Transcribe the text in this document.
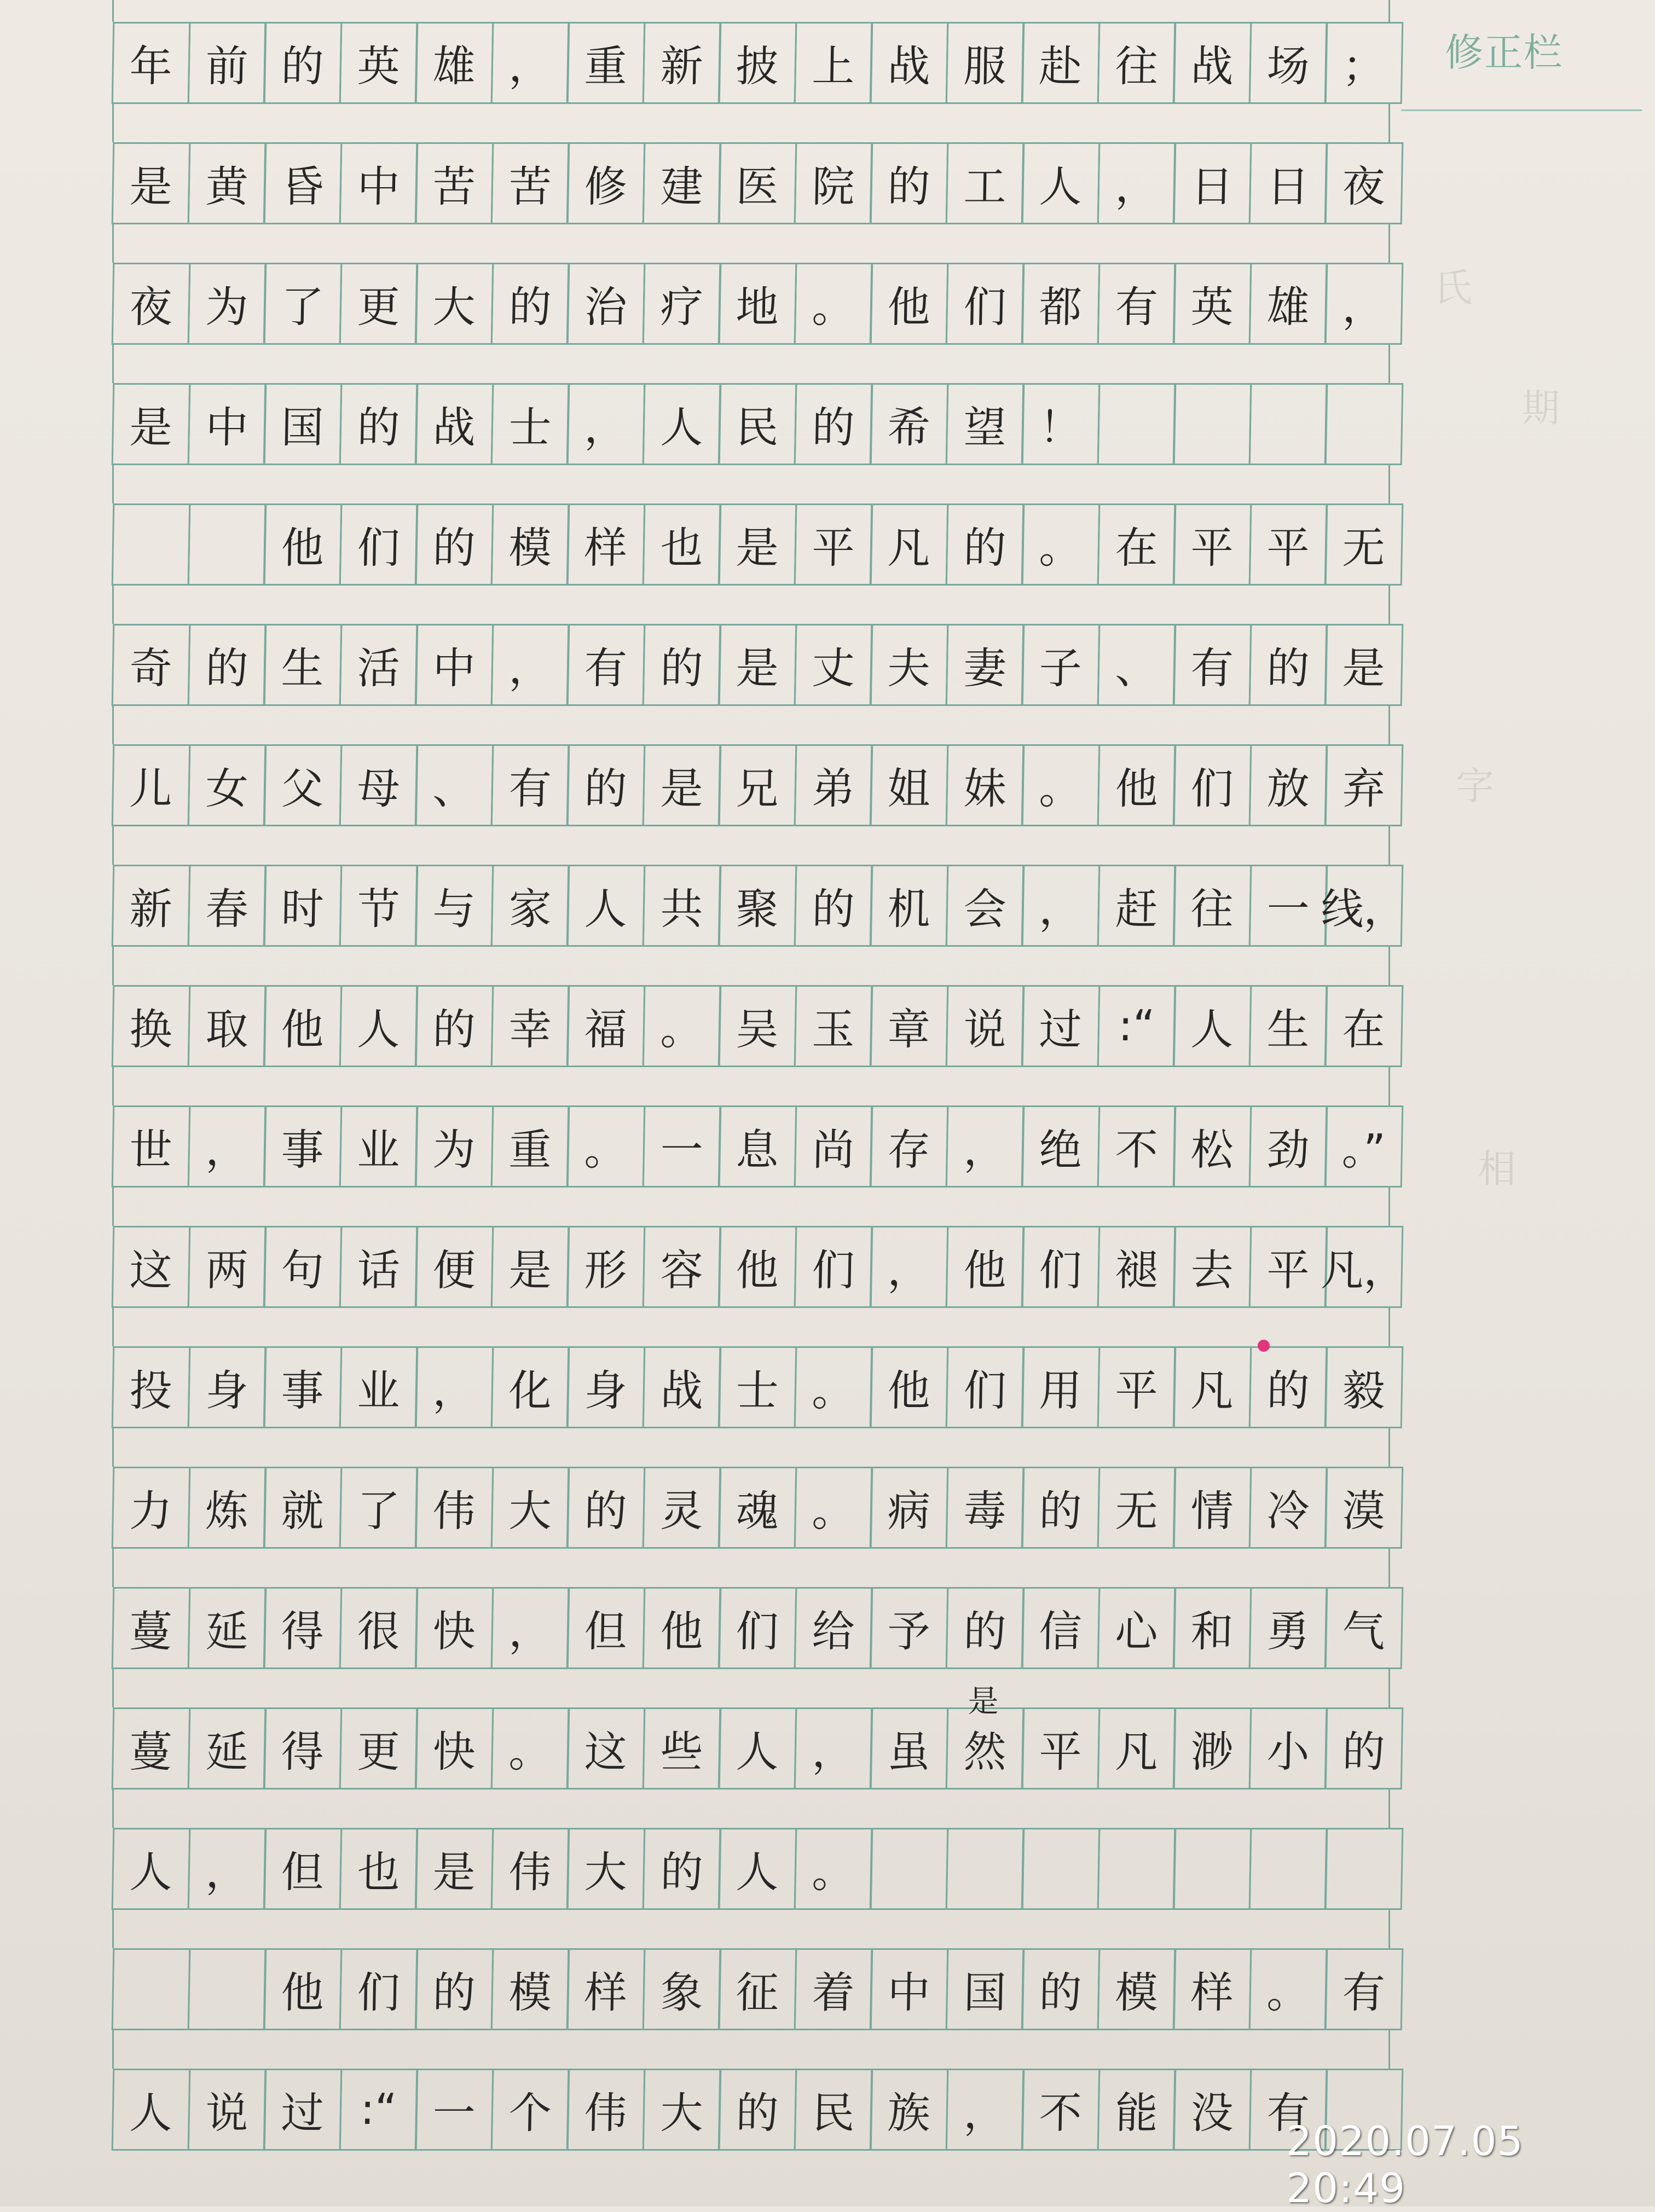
年 前 的 英 雄 ， 重 新 披 上 战 服 赴 往 战 场 ；
是 黄 昏 中 苦 苦 修 建 医 院 的 工 人 ， 日 日 夜
夜 为 了 更 大 的 治 疗 地 。 他 们 都 有 英 雄 ，
是 中 国 的 战 士 ， 人 民 的 希 望 ！
他 们 的 模 样 也 是 平 凡 的 。 在 平 平 无
奇 的 生 活 中 ， 有 的 是 丈 夫 妻 子 、 有 的 是
儿 女 父 母 、 有 的 是 兄 弟 姐 妹 。 他 们 放 弃
新 春 时 节 与 家 人 共 聚 的 机 会 ， 赶 往 一 线，
换 取 他 人 的 幸 福 。 吴 玉 章 说 过 :“ 人 生 在
世 ， 事 业 为 重 。 一 息 尚 存 ， 绝 不 松 劲 。”
这 两 句 话 便 是 形 容 他 们 ， 他 们 褪 去 平 凡，
投 身 事 业 ， 化 身 战 士 。 他 们 用 平 凡 的 毅
力 炼 就 了 伟 大 的 灵 魂 。 病 毒 的 无 情 冷 漠
蔓 延 得 很 快 ， 但 他 们 给 予 的 信 心 和 勇 气
蔓 延 得 更 快 。 这 些 人 ， 虽 然 平 凡 渺 小 的
人 ， 但 也 是 伟 大 的 人 。
他 们 的 模 样 象 征 着 中 国 的 模 样 。 有
人 说 过 :“ 一 个 伟 大 的 民 族 ， 不 能 没 有
修正栏
氏
期
字
相
2020.07.05 20:49
是
